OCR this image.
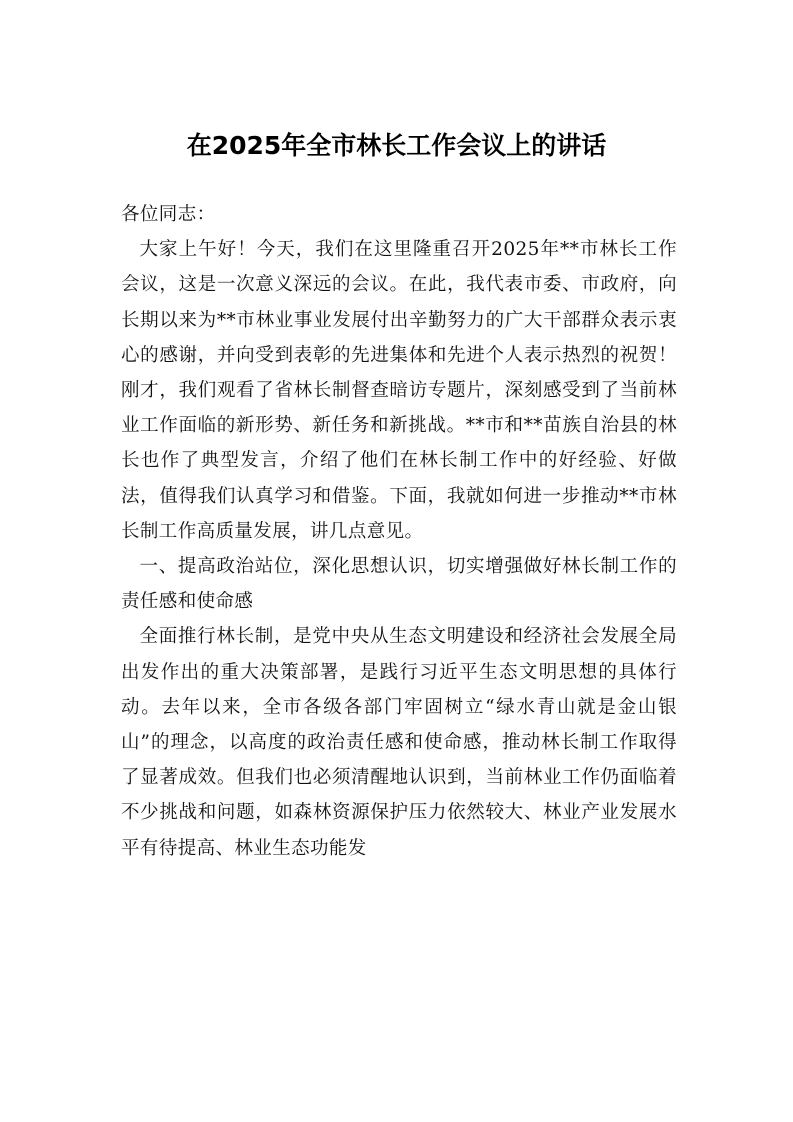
在2025年全市林长工作会议上的讲话

各位同志：

大家上午好！今天，我们在这里隆重召开2025年**市林长工作会议，这是一次意义深远的会议。在此，我代表市委、市政府，向长期以来为**市林业事业发展付出辛勤努力的广大干部群众表示衷心的感谢，并向受到表彰的先进集体和先进个人表示热烈的祝贺！刚才，我们观看了省林长制督查暗访专题片，深刻感受到了当前林业工作面临的新形势、新任务和新挑战。**市和**苗族自治县的林长也作了典型发言，介绍了他们在林长制工作中的好经验、好做法，值得我们认真学习和借鉴。下面，我就如何进一步推动**市林长制工作高质量发展，讲几点意见。

一、提高政治站位，深化思想认识，切实增强做好林长制工作的责任感和使命感

全面推行林长制，是党中央从生态文明建设和经济社会发展全局出发作出的重大决策部署，是践行习近平生态文明思想的具体行动。去年以来，全市各级各部门牢固树立“绿水青山就是金山银山”的理念，以高度的政治责任感和使命感，推动林长制工作取得了显著成效。但我们也必须清醒地认识到，当前林业工作仍面临着不少挑战和问题，如森林资源保护压力依然较大、林业产业发展水平有待提高、林业生态功能发
